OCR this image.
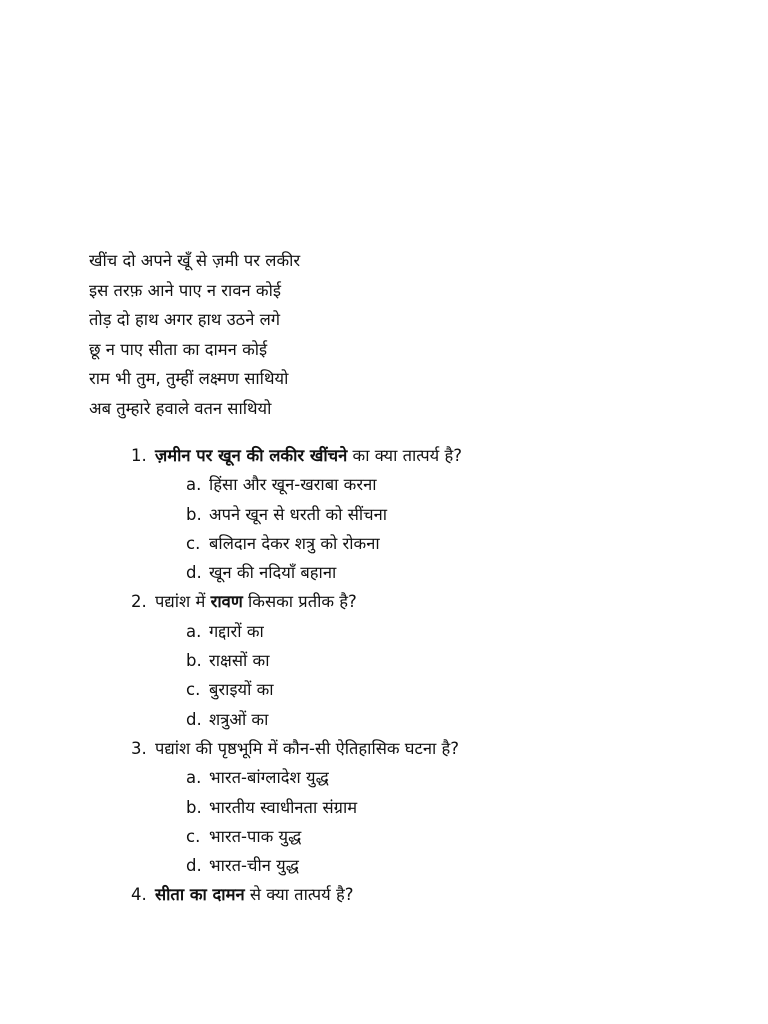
खींच दो अपने खूँ से ज़मी पर लकीर
इस तरफ़ आने पाए न रावन कोई
तोड़ दो हाथ अगर हाथ उठने लगे
छू न पाए सीता का दामन कोई
राम भी तुम, तुम्हीं लक्ष्मण साथियो
अब तुम्हारे हवाले वतन साथियो
1. ज़मीन पर खून की लकीर खींचने का क्या तात्पर्य है?
a. हिंसा और खून-खराबा करना
b. अपने खून से धरती को सींचना
c. बलिदान देकर शत्रु को रोकना
d. खून की नदियाँ बहाना
2. पद्यांश में रावण किसका प्रतीक है?
a. गद्दारों का
b. राक्षसों का
c. बुराइयों का
d. शत्रुओं का
3. पद्यांश की पृष्ठभूमि में कौन-सी ऐतिहासिक घटना है?
a. भारत-बांग्लादेश युद्ध
b. भारतीय स्वाधीनता संग्राम
c. भारत-पाक युद्ध
d. भारत-चीन युद्ध
4. सीता का दामन से क्या तात्पर्य है?
